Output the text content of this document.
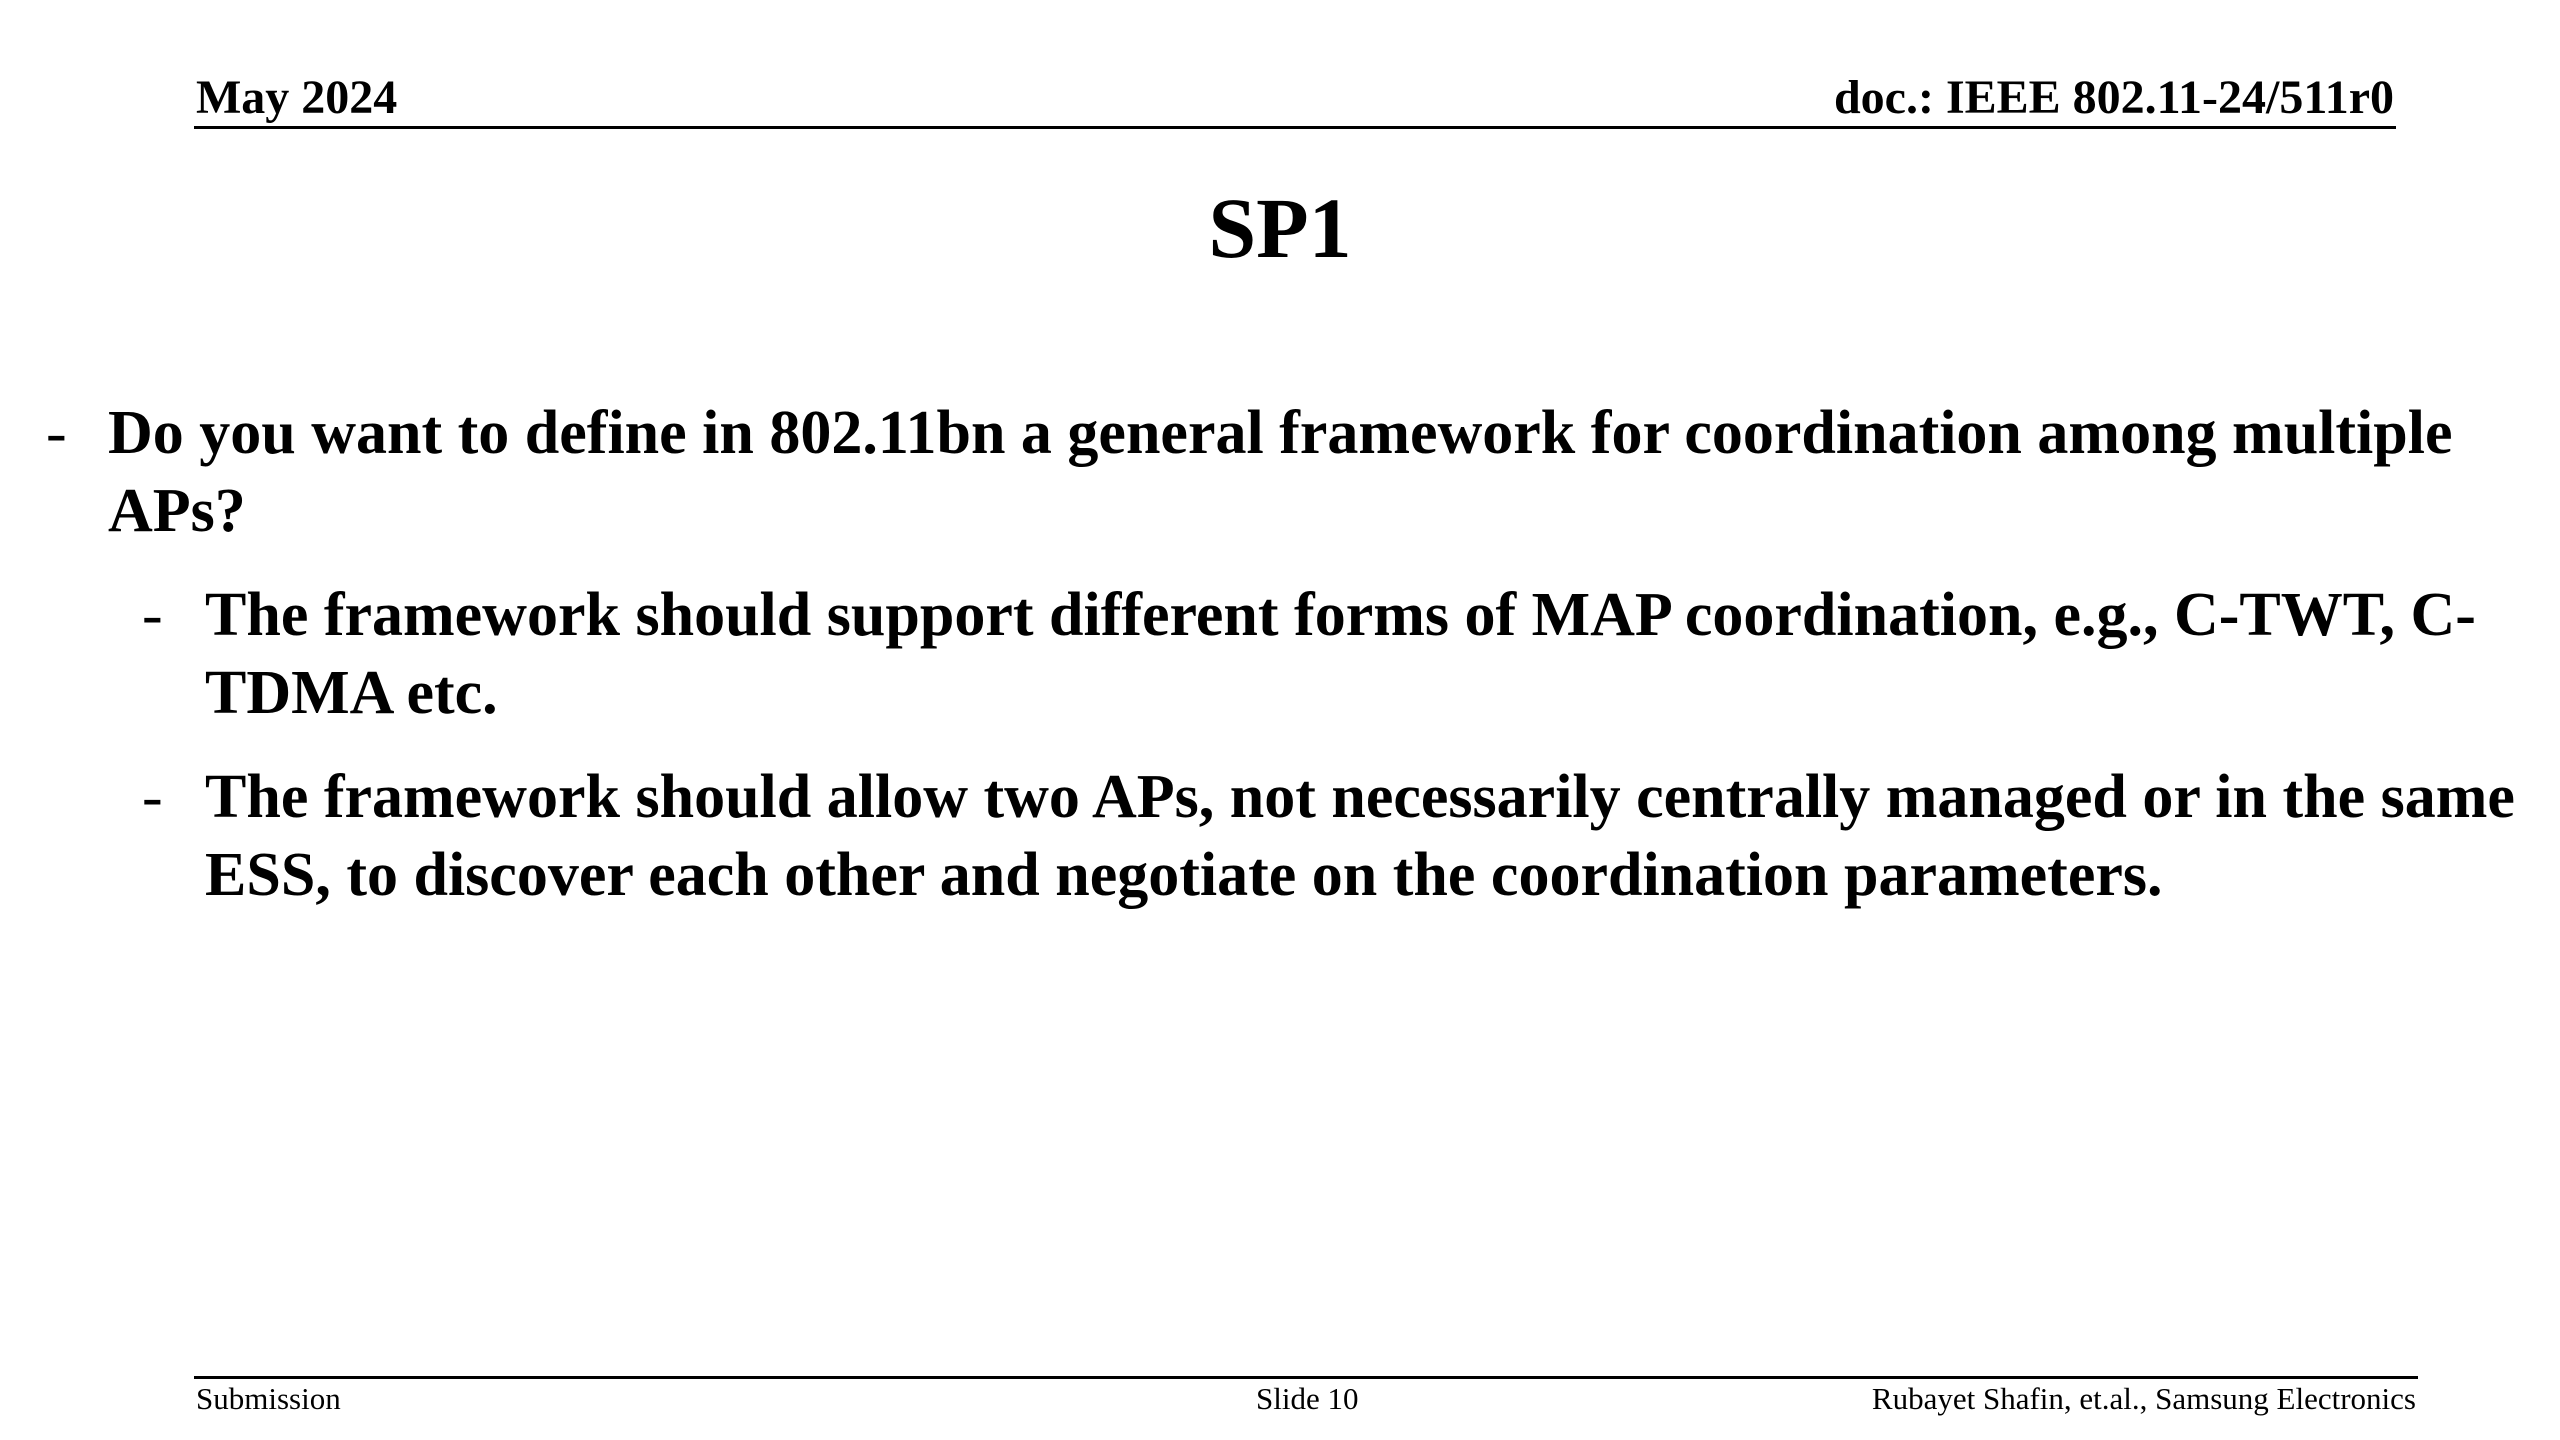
May 2024	doc.: IEEE 802.11-24/511r0
SP1
- Do you want to define in 802.11bn a general framework for coordination among multiple APs?
- The framework should support different forms of MAP coordination, e.g., C-TWT, C-TDMA etc.
- The framework should allow two APs, not necessarily centrally managed or in the same ESS, to discover each other and negotiate on the coordination parameters.
Submission	Slide 10	Rubayet Shafin, et.al., Samsung Electronics
